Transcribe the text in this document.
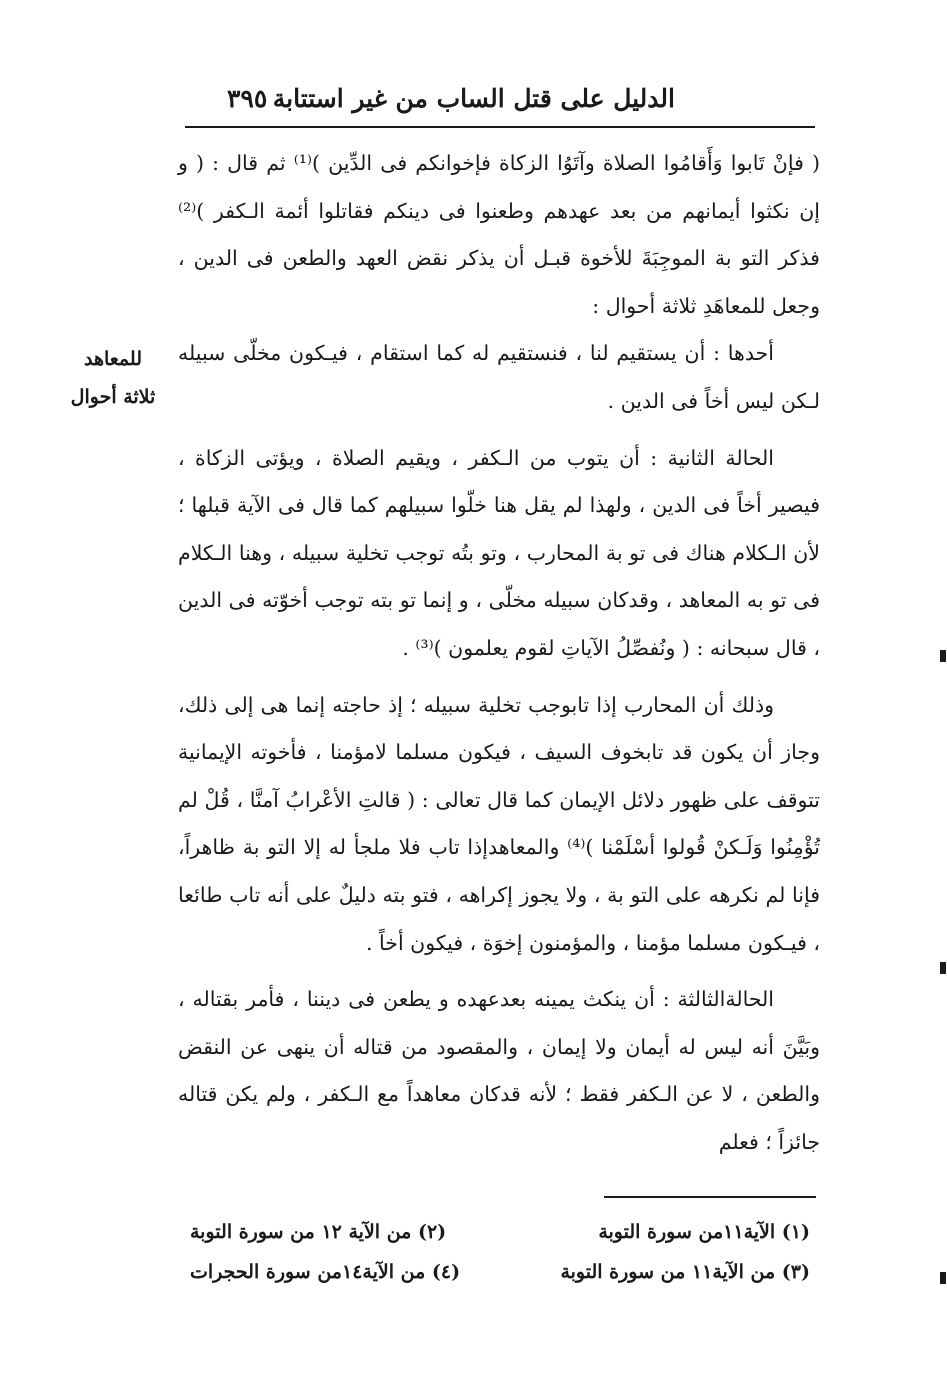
الدليل على قتل الساب من غير استتابة
٣٩٥
للمعاهد
ثلاثة أحوال

( فإنْ تَابوا وَأَقامُوا الصلاة وآتَوُا الزكاة فإخوانكم فى الدِّين )⁽¹⁾ ثم قال : ( و إن نكثوا أيمانهم من بعد عهدهم وطعنوا فى دينكم فقاتلوا أئمة الـكفر )⁽²⁾ فذكر التو بة الموجِبَةَ للأخوة قبـل أن يذكر نقض العهد والطعن فى الدين ، وجعل للمعاهَدِ ثلاثة أحوال :

أحدها : أن يستقيم لنا ، فنستقيم له كما استقام ، فيـكون مخلّى سبيله لـكن ليس أخاً فى الدين .

الحالة الثانية : أن يتوب من الـكفر ، ويقيم الصلاة ، ويؤتى الزكاة ، فيصير أخاً فى الدين ، ولهذا لم يقل هنا خلّوا سبيلهم كما قال فى الآية قبلها ؛ لأن الـكلام هناك فى تو بة المحارب ، وتو بتُه توجب تخلية سبيله ، وهنا الـكلام فى تو به المعاهد ، وقدكان سبيله مخلّى ، و إنما تو بته توجب أخوّته فى الدين ، قال سبحانه : ( ونُفصِّلُ الآياتِ لقوم يعلمون )⁽³⁾ .

وذلك أن المحارب إذا تابوجب تخلية سبيله ؛ إذ حاجته إنما هى إلى ذلك، وجاز أن يكون قد تابخوف السيف ، فيكون مسلما لامؤمنا ، فأخوته الإيمانية تتوقف على ظهور دلائل الإيمان كما قال تعالى : ( قالتِ الأعْرابُ آمنَّا ، قُلْ لم تُؤْمِنُوا وَلَـكنْ قُولوا أسْلَمْنا )⁽⁴⁾ والمعاهدإذا تاب فلا ملجأ له إلا التو بة ظاهراً، فإنا لم نكرهه على التو بة ، ولا يجوز إكراهه ، فتو بته دليلٌ على أنه تاب طائعا ، فيـكون مسلما مؤمنا ، والمؤمنون إخوَة ، فيكون أخاً .

الحالةالثالثة : أن ينكث يمينه بعدعهده و يطعن فى ديننا ، فأمر بقتاله ، وبَيَّنَ أنه ليس له أيمان ولا إيمان ، والمقصود من قتاله أن ينهى عن النقض والطعن ، لا عن الـكفر فقط ؛ لأنه قدكان معاهداً مع الـكفر ، ولم يكن قتاله جائزاً ؛ فعلم

(١) الآية١١من سورة التوبة
(٢) من الآية ١٢ من سورة التوبة
(٣) من الآية١١ من سورة التوبة
(٤) من الآية١٤من سورة الحجرات
